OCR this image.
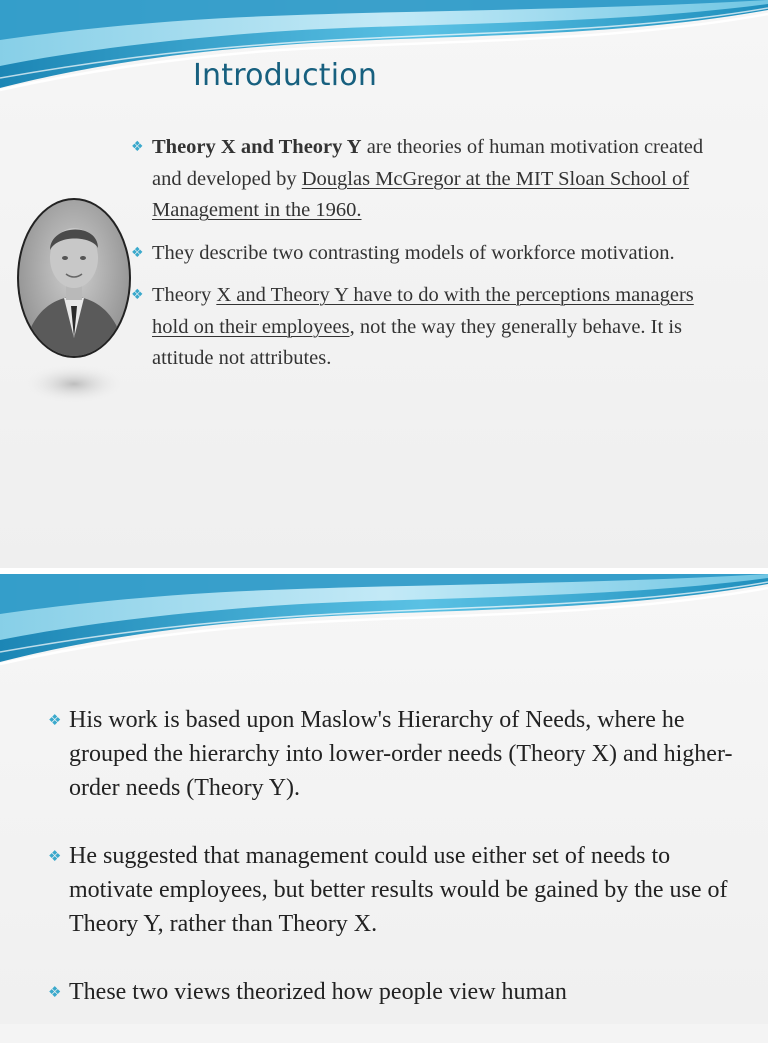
Introduction
❖ Theory X and Theory Y are theories of human motivation created and developed by Douglas McGregor at the MIT Sloan School of Management in the 1960.
❖ They describe two contrasting models of workforce motivation.
❖ Theory X and Theory Y have to do with the perceptions managers hold on their employees, not the way they generally behave. It is attitude not attributes.
❖ His work is based upon Maslow's Hierarchy of Needs, where he grouped the hierarchy into lower-order needs (Theory X) and higher-order needs (Theory Y).
❖ He suggested that management could use either set of needs to motivate employees, but better results would be gained by the use of Theory Y, rather than Theory X.
❖ These two views theorized how people view human
